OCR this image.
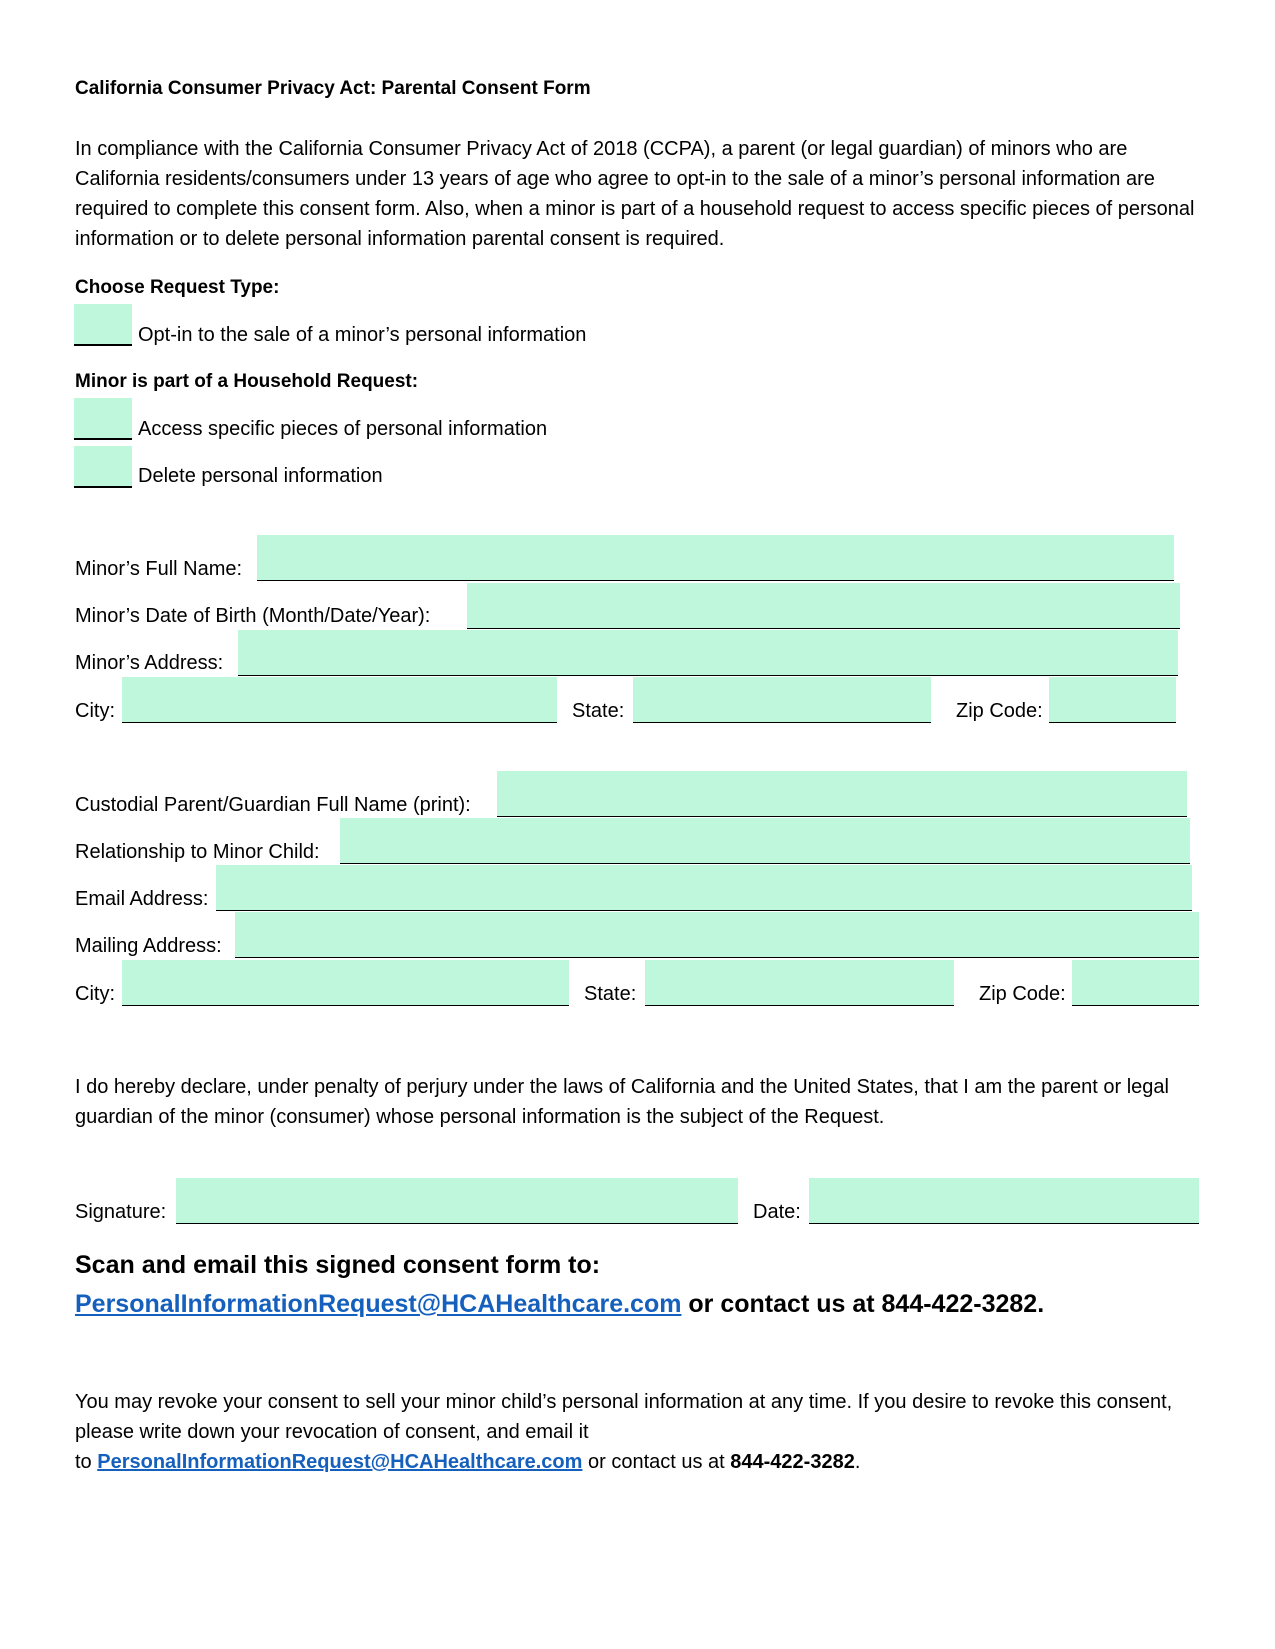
California Consumer Privacy Act: Parental Consent Form
In compliance with the California Consumer Privacy Act of 2018 (CCPA), a parent (or legal guardian) of minors who are California residents/consumers under 13 years of age who agree to opt-in to the sale of a minor’s personal information are required to complete this consent form. Also, when a minor is part of a household request to access specific pieces of personal information or to delete personal information parental consent is required.
Choose Request Type:
Opt-in to the sale of a minor’s personal information
Minor is part of a Household Request:
Access specific pieces of personal information
Delete personal information
Minor’s Full Name:
Minor’s Date of Birth (Month/Date/Year):
Minor’s Address:
City:	State:	Zip Code:
Custodial Parent/Guardian Full Name (print):
Relationship to Minor Child:
Email Address:
Mailing Address:
City:	State:	Zip Code:
I do hereby declare, under penalty of perjury under the laws of California and the United States, that I am the parent or legal guardian of the minor (consumer) whose personal information is the subject of the Request.
Signature:	Date:
Scan and email this signed consent form to:
PersonalInformationRequest@HCAHealthcare.com or contact us at 844-422-3282.
You may revoke your consent to sell your minor child’s personal information at any time. If you desire to revoke this consent, please write down your revocation of consent, and email it
to PersonalInformationRequest@HCAHealthcare.com or contact us at 844-422-3282.
